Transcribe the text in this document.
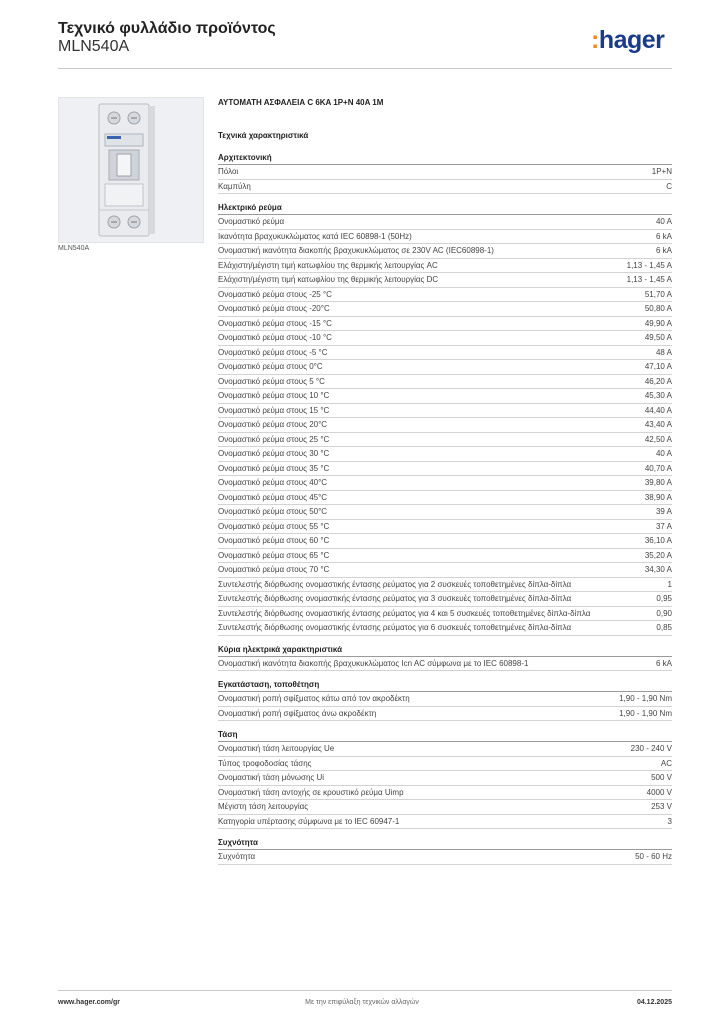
Τεχνικό φυλλάδιο προϊόντος
MLN540A	:hager
MLN540A
ΑΥΤΟΜΑΤΗ ΑΣΦΑΛΕΙΑ C 6KA 1P+N 40A 1M
Τεχνικά χαρακτηριστικά
Αρχιτεκτονική
Πόλοι	1P+N
Καμπύλη	C
Ηλεκτρικό ρεύμα
Ονομαστικό ρεύμα	40 A
Ικανότητα βραχυκυκλώματος κατά IEC 60898-1 (50Hz)	6 kA
Ονομαστική ικανότητα διακοπής βραχυκυκλώματος σε 230V AC (IEC60898-1)	6 kA
Ελάχιστη/μέγιστη τιμή κατωφλίου της θερμικής λειτουργίας AC	1,13 - 1,45 A
Ελάχιστη/μέγιστη τιμή κατωφλίου της θερμικής λειτουργίας DC	1,13 - 1,45 A
Ονομαστικό ρεύμα στους -25 °C	51,70 A
Ονομαστικό ρεύμα στους -20°C	50,80 A
Ονομαστικό ρεύμα στους -15 °C	49,90 A
Ονομαστικό ρεύμα στους -10 °C	49,50 A
Ονομαστικό ρεύμα στους -5 °C	48 A
Ονομαστικό ρεύμα στους 0°C	47,10 A
Ονομαστικό ρεύμα στους 5 °C	46,20 A
Ονομαστικό ρεύμα στους 10 °C	45,30 A
Ονομαστικό ρεύμα στους 15 °C	44,40 A
Ονομαστικό ρεύμα στους 20°C	43,40 A
Ονομαστικό ρεύμα στους 25 °C	42,50 A
Ονομαστικό ρεύμα στους 30 °C	40 A
Ονομαστικό ρεύμα στους 35 °C	40,70 A
Ονομαστικό ρεύμα στους 40°C	39,80 A
Ονομαστικό ρεύμα στους 45°C	38,90 A
Ονομαστικό ρεύμα στους 50°C	39 A
Ονομαστικό ρεύμα στους 55 °C	37 A
Ονομαστικό ρεύμα στους 60 °C	36,10 A
Ονομαστικό ρεύμα στους 65 °C	35,20 A
Ονομαστικό ρεύμα στους 70 °C	34,30 A
Συντελεστής διόρθωσης ονομαστικής έντασης ρεύματος για 2 συσκευές τοποθετημένες δίπλα-δίπλα	1
Συντελεστής διόρθωσης ονομαστικής έντασης ρεύματος για 3 συσκευές τοποθετημένες δίπλα-δίπλα	0,95
Συντελεστής διόρθωσης ονομαστικής έντασης ρεύματος για 4 και 5 συσκευές τοποθετημένες δίπλα-δίπλα	0,90
Συντελεστής διόρθωσης ονομαστικής έντασης ρεύματος για 6 συσκευές τοποθετημένες δίπλα-δίπλα	0,85
Κύρια ηλεκτρικά χαρακτηριστικά
Ονομαστική ικανότητα διακοπής βραχυκυκλώματος Icn AC σύμφωνα με το IEC 60898-1	6 kA
Εγκατάσταση, τοποθέτηση
Ονομαστική ροπή σφίξματος κάτω από τον ακροδέκτη	1,90 - 1,90 Nm
Ονομαστική ροπή σφίξματος άνω ακροδέκτη	1,90 - 1,90 Nm
Τάση
Ονομαστική τάση λειτουργίας Ue	230 - 240 V
Τύπος τροφοδοσίας τάσης	AC
Ονομαστική τάση μόνωσης Ui	500 V
Ονομαστική τάση αντοχής σε κρουστικό ρεύμα Uimp	4000 V
Μέγιστη τάση λειτουργίας	253 V
Κατηγορία υπέρτασης σύμφωνα με το IEC 60947-1	3
Συχνότητα
Συχνότητα	50 - 60 Hz
www.hager.com/gr	Με την επιφύλαξη τεχνικών αλλαγών	04.12.2025
